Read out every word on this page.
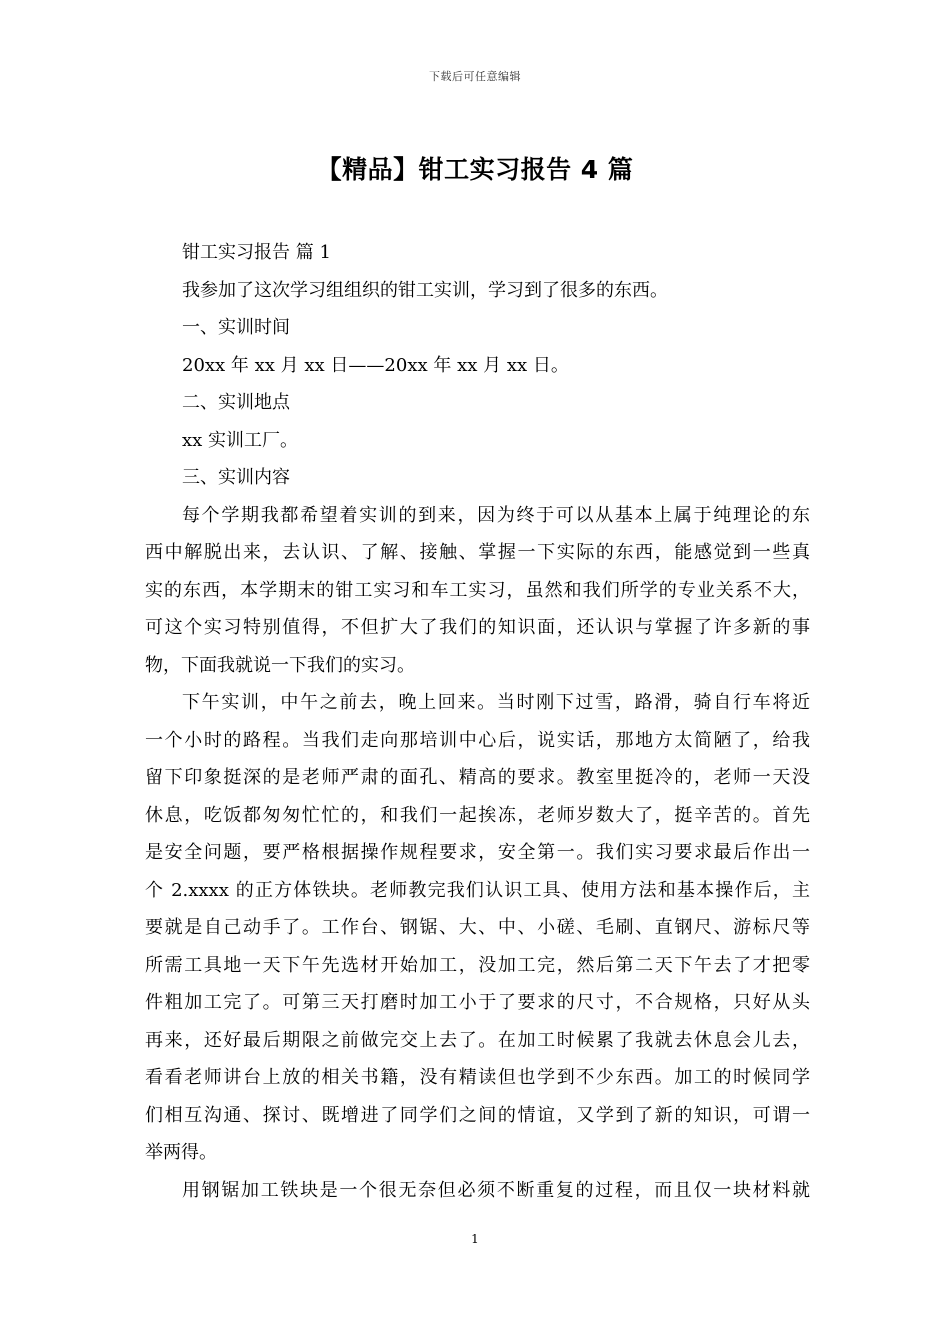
下载后可任意编辑
【精品】钳工实习报告 4 篇
钳工实习报告 篇 1
我参加了这次学习组组织的钳工实训，学习到了很多的东西。
一、实训时间
20xx 年 xx 月 xx 日——20xx 年 xx 月 xx 日。
二、实训地点
xx 实训工厂。
三、实训内容
每个学期我都希望着实训的到来，因为终于可以从基本上属于纯理论的东
西中解脱出来，去认识、了解、接触、掌握一下实际的东西，能感觉到一些真
实的东西，本学期末的钳工实习和车工实习，虽然和我们所学的专业关系不大，
可这个实习特别值得，不但扩大了我们的知识面，还认识与掌握了许多新的事
物，下面我就说一下我们的实习。
下午实训，中午之前去，晚上回来。当时刚下过雪，路滑，骑自行车将近
一个小时的路程。当我们走向那培训中心后，说实话，那地方太简陋了，给我
留下印象挺深的是老师严肃的面孔、精高的要求。教室里挺冷的，老师一天没
休息，吃饭都匆匆忙忙的，和我们一起挨冻，老师岁数大了，挺辛苦的。首先
是安全问题，要严格根据操作规程要求，安全第一。我们实习要求最后作出一
个 2.xxxx 的正方体铁块。老师教完我们认识工具、使用方法和基本操作后，主
要就是自己动手了。工作台、钢锯、大、中、小磋、毛刷、直钢尺、游标尺等
所需工具地一天下午先选材开始加工，没加工完，然后第二天下午去了才把零
件粗加工完了。可第三天打磨时加工小于了要求的尺寸，不合规格，只好从头
再来，还好最后期限之前做完交上去了。在加工时候累了我就去休息会儿去，
看看老师讲台上放的相关书籍，没有精读但也学到不少东西。加工的时候同学
们相互沟通、探讨、既增进了同学们之间的情谊，又学到了新的知识，可谓一
举两得。
用钢锯加工铁块是一个很无奈但必须不断重复的过程，而且仅一块材料就
1
